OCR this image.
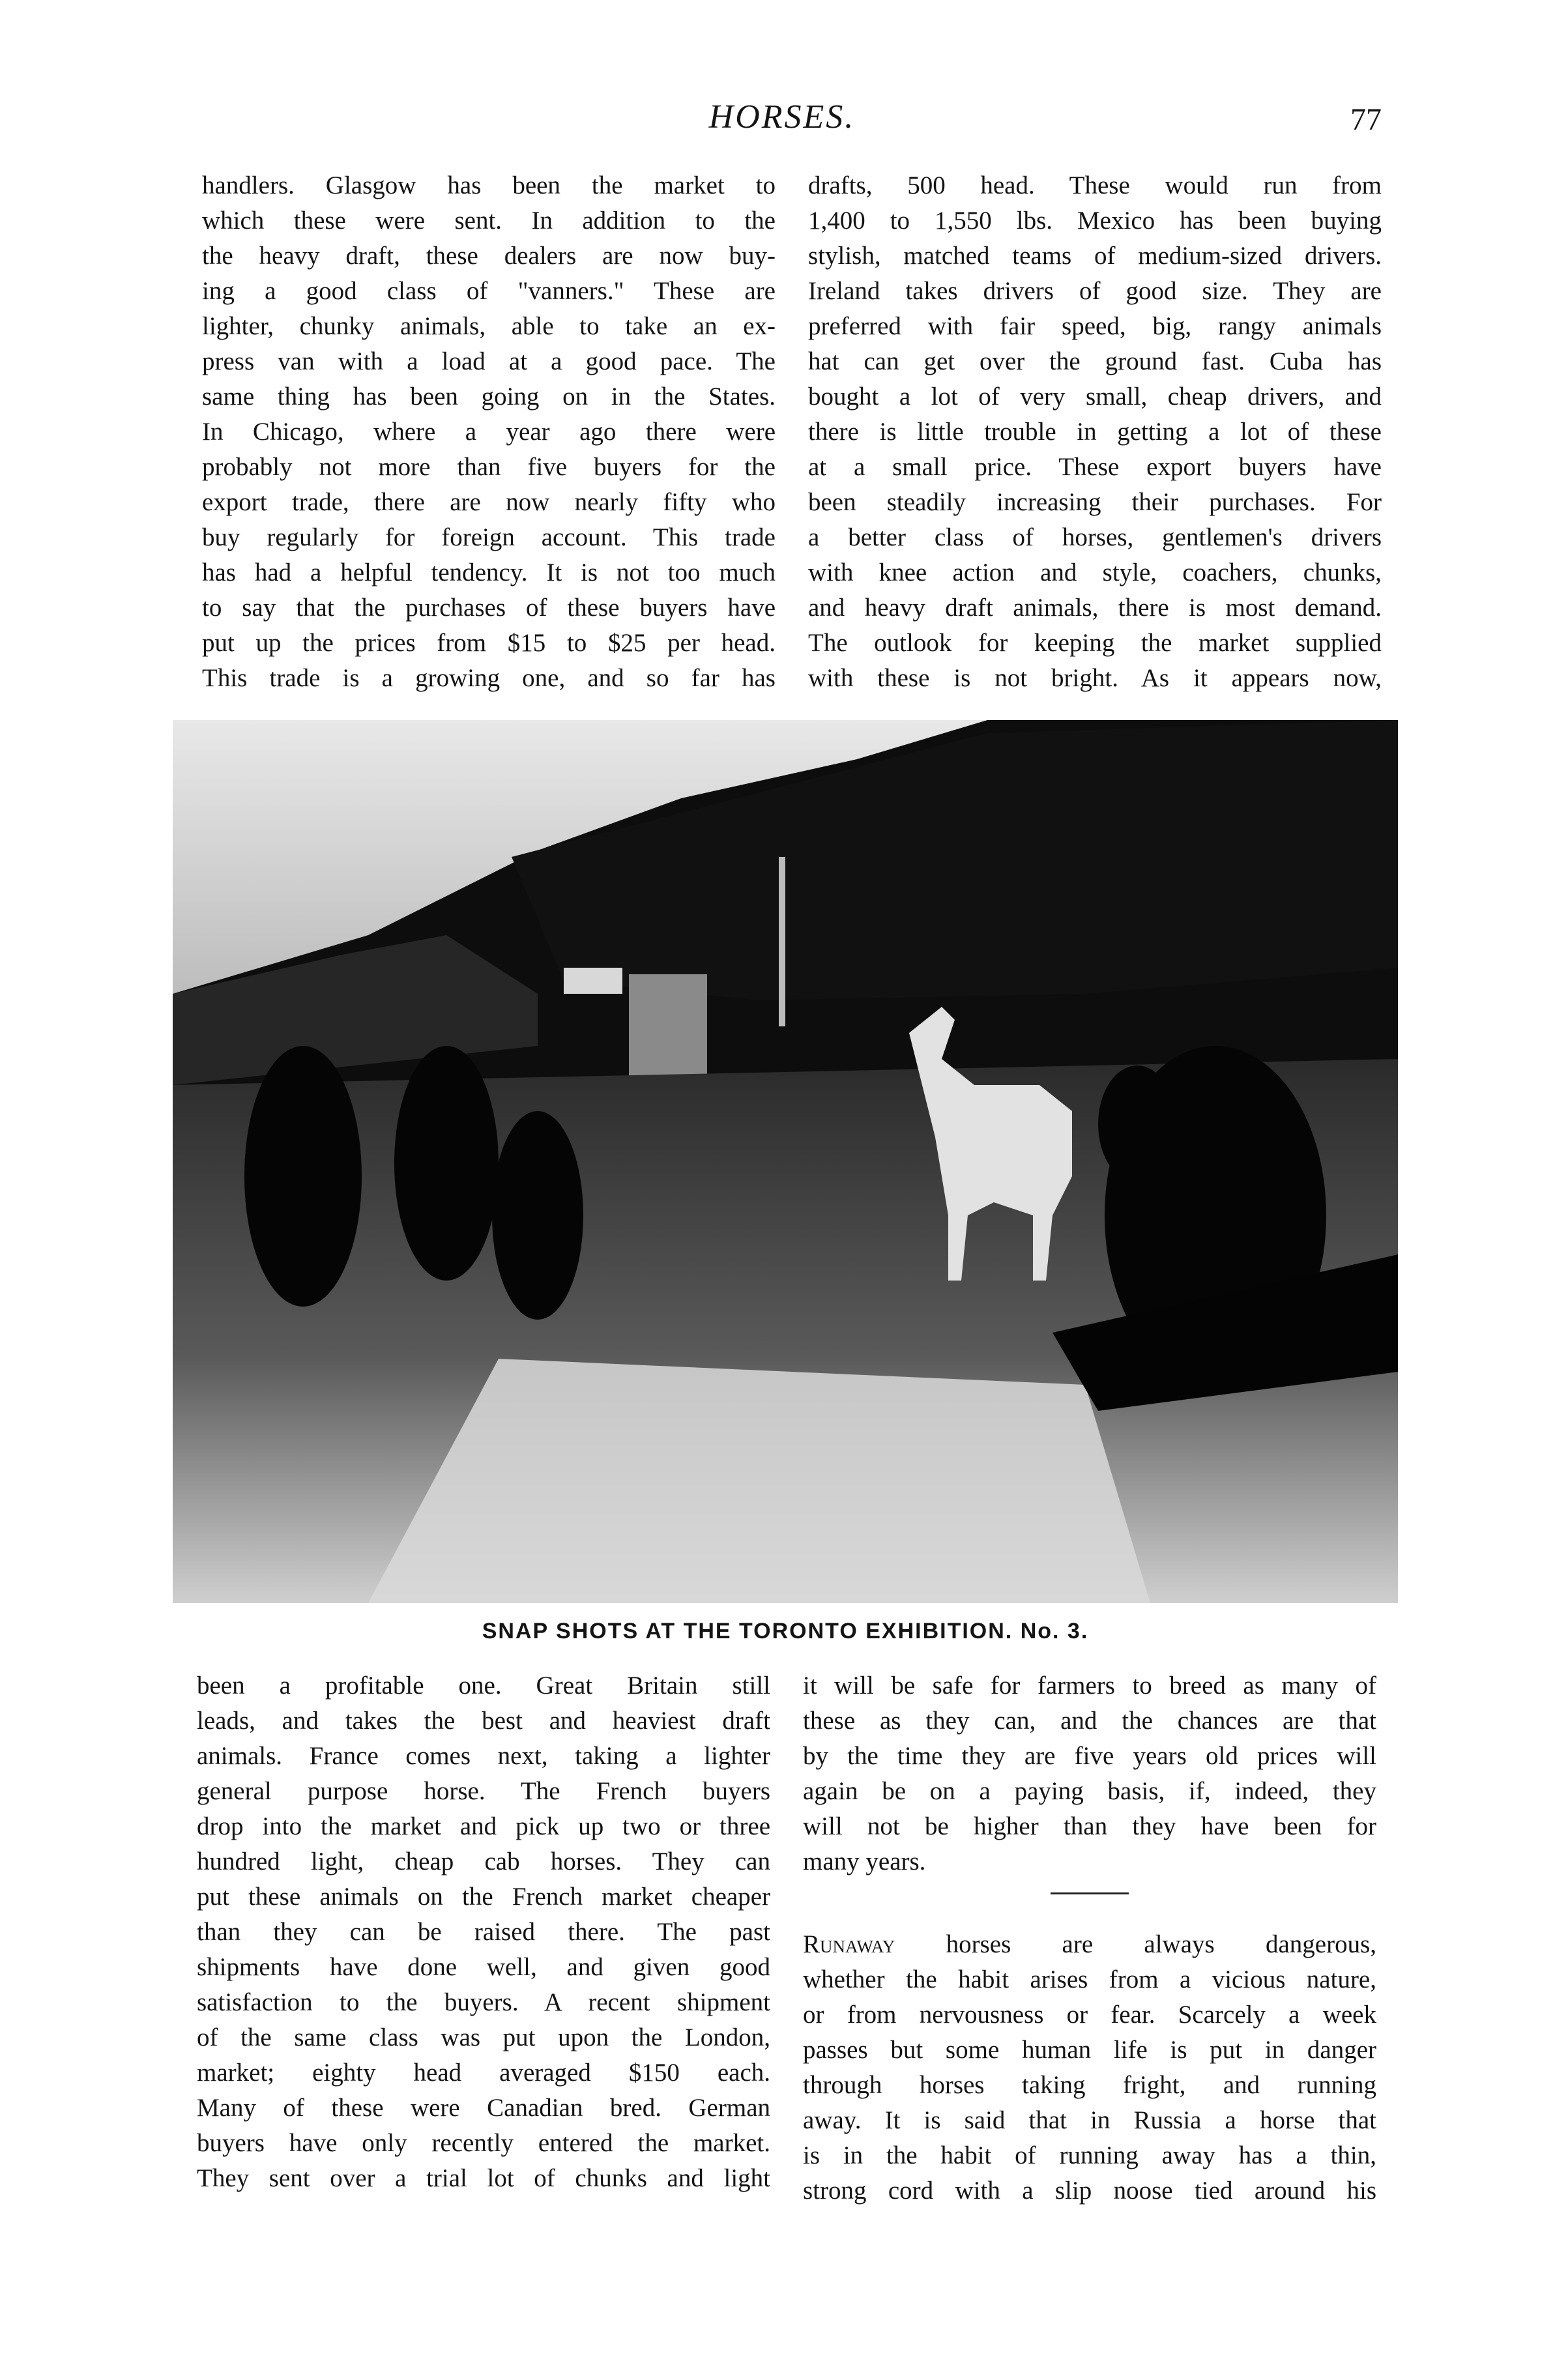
HORSES.	77
handlers. Glasgow has been the market to
which these were sent. In addition to the
the heavy draft, these dealers are now buy-
ing a good class of "vanners." These are
lighter, chunky animals, able to take an ex-
press van with a load at a good pace. The
same thing has been going on in the States.
In Chicago, where a year ago there were
probably not more than five buyers for the
export trade, there are now nearly fifty who
buy regularly for foreign account. This trade
has had a helpful tendency. It is not too much
to say that the purchases of these buyers have
put up the prices from $15 to $25 per head.
This trade is a growing one, and so far has
drafts, 500 head. These would run from
1,400 to 1,550 lbs. Mexico has been buying
stylish, matched teams of medium-sized drivers.
Ireland takes drivers of good size. They are
preferred with fair speed, big, rangy animals
hat can get over the ground fast. Cuba has
bought a lot of very small, cheap drivers, and
there is little trouble in getting a lot of these
at a small price. These export buyers have
been steadily increasing their purchases. For
a better class of horses, gentlemen's drivers
with knee action and style, coachers, chunks,
and heavy draft animals, there is most demand.
The outlook for keeping the market supplied
with these is not bright. As it appears now,
SNAP SHOTS AT THE TORONTO EXHIBITION. No. 3.
been a profitable one. Great Britain still
leads, and takes the best and heaviest draft
animals. France comes next, taking a lighter
general purpose horse. The French buyers
drop into the market and pick up two or three
hundred light, cheap cab horses. They can
put these animals on the French market cheaper
than they can be raised there. The past
shipments have done well, and given good
satisfaction to the buyers. A recent shipment
of the same class was put upon the London,
market; eighty head averaged $150 each.
Many of these were Canadian bred. German
buyers have only recently entered the market.
They sent over a trial lot of chunks and light
it will be safe for farmers to breed as many of
these as they can, and the chances are that
by the time they are five years old prices will
again be on a paying basis, if, indeed, they
will not be higher than they have been for
many years.
Runaway horses are always dangerous,
whether the habit arises from a vicious nature,
or from nervousness or fear. Scarcely a week
passes but some human life is put in danger
through horses taking fright, and running
away. It is said that in Russia a horse that
is in the habit of running away has a thin,
strong cord with a slip noose tied around his
